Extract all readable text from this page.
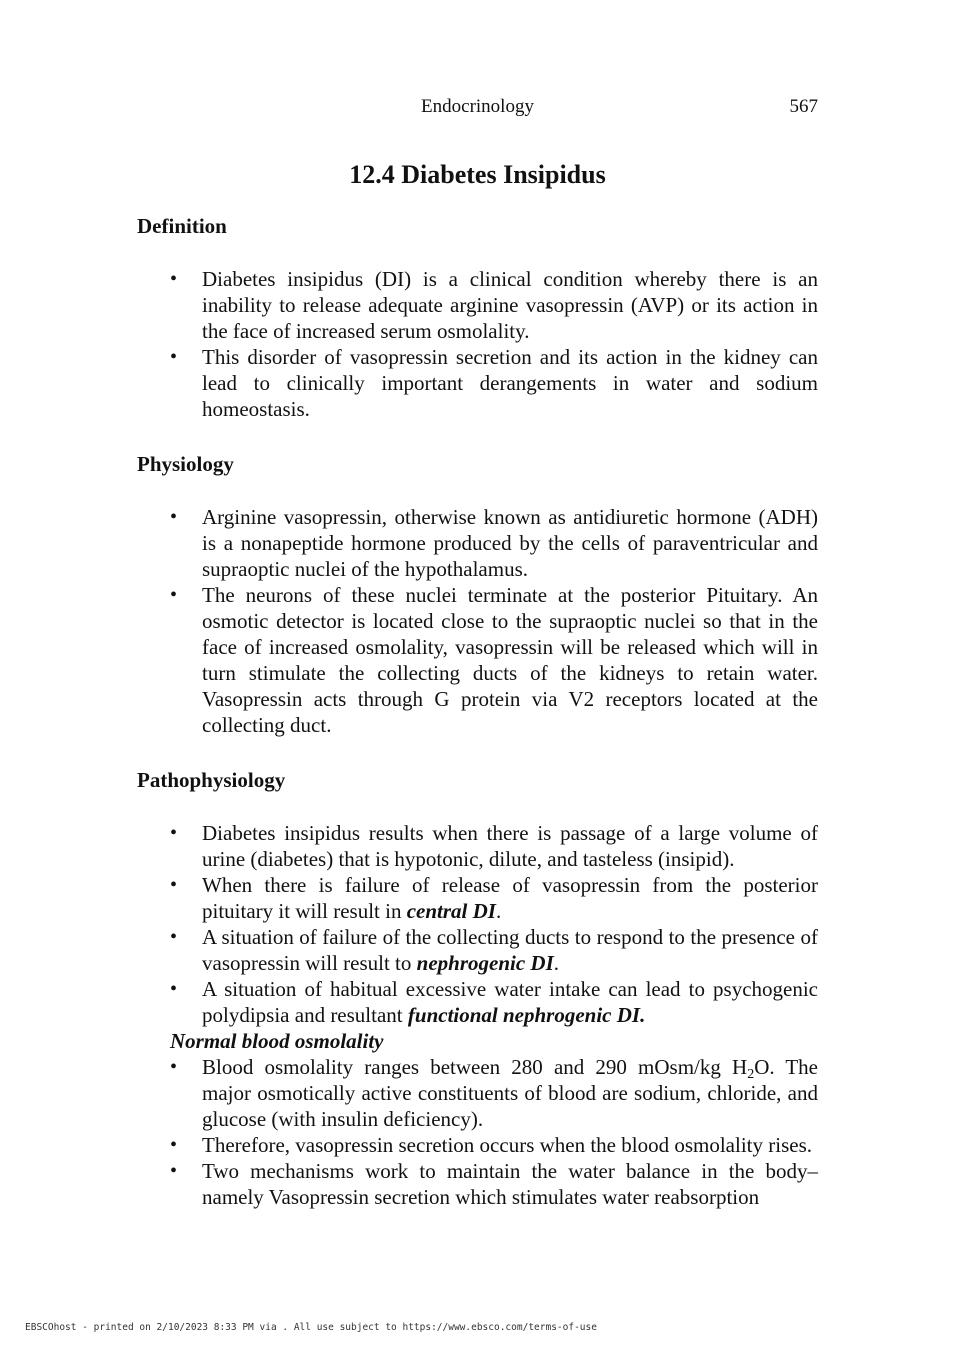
Endocrinology	567
12.4 Diabetes Insipidus
Definition
• Diabetes insipidus (DI) is a clinical condition whereby there is an inability to release adequate arginine vasopressin (AVP) or its action in the face of increased serum osmolality.
• This disorder of vasopressin secretion and its action in the kidney can lead to clinically important derangements in water and sodium homeostasis.
Physiology
• Arginine vasopressin, otherwise known as antidiuretic hormone (ADH) is a nonapeptide hormone produced by the cells of paraventricular and supraoptic nuclei of the hypothalamus.
• The neurons of these nuclei terminate at the posterior Pituitary. An osmotic detector is located close to the supraoptic nuclei so that in the face of increased osmolality, vasopressin will be released which will in turn stimulate the collecting ducts of the kidneys to retain water. Vasopressin acts through G protein via V2 receptors located at the collecting duct.
Pathophysiology
• Diabetes insipidus results when there is passage of a large volume of urine (diabetes) that is hypotonic, dilute, and tasteless (insipid).
• When there is failure of release of vasopressin from the posterior pituitary it will result in central DI.
• A situation of failure of the collecting ducts to respond to the presence of vasopressin will result to nephrogenic DI.
• A situation of habitual excessive water intake can lead to psychogenic polydipsia and resultant functional nephrogenic DI.

Normal blood osmolality

• Blood osmolality ranges between 280 and 290 mOsm/kg $H_2O$. The major osmotically active constituents of blood are sodium, chloride, and glucose (with insulin deficiency).
• Therefore, vasopressin secretion occurs when the blood osmolality rises.
• Two mechanisms work to maintain the water balance in the body– namely Vasopressin secretion which stimulates water reabsorption
EBSCOhost - printed on 2/10/2023 8:33 PM via . All use subject to https://www.ebsco.com/terms-of-use
